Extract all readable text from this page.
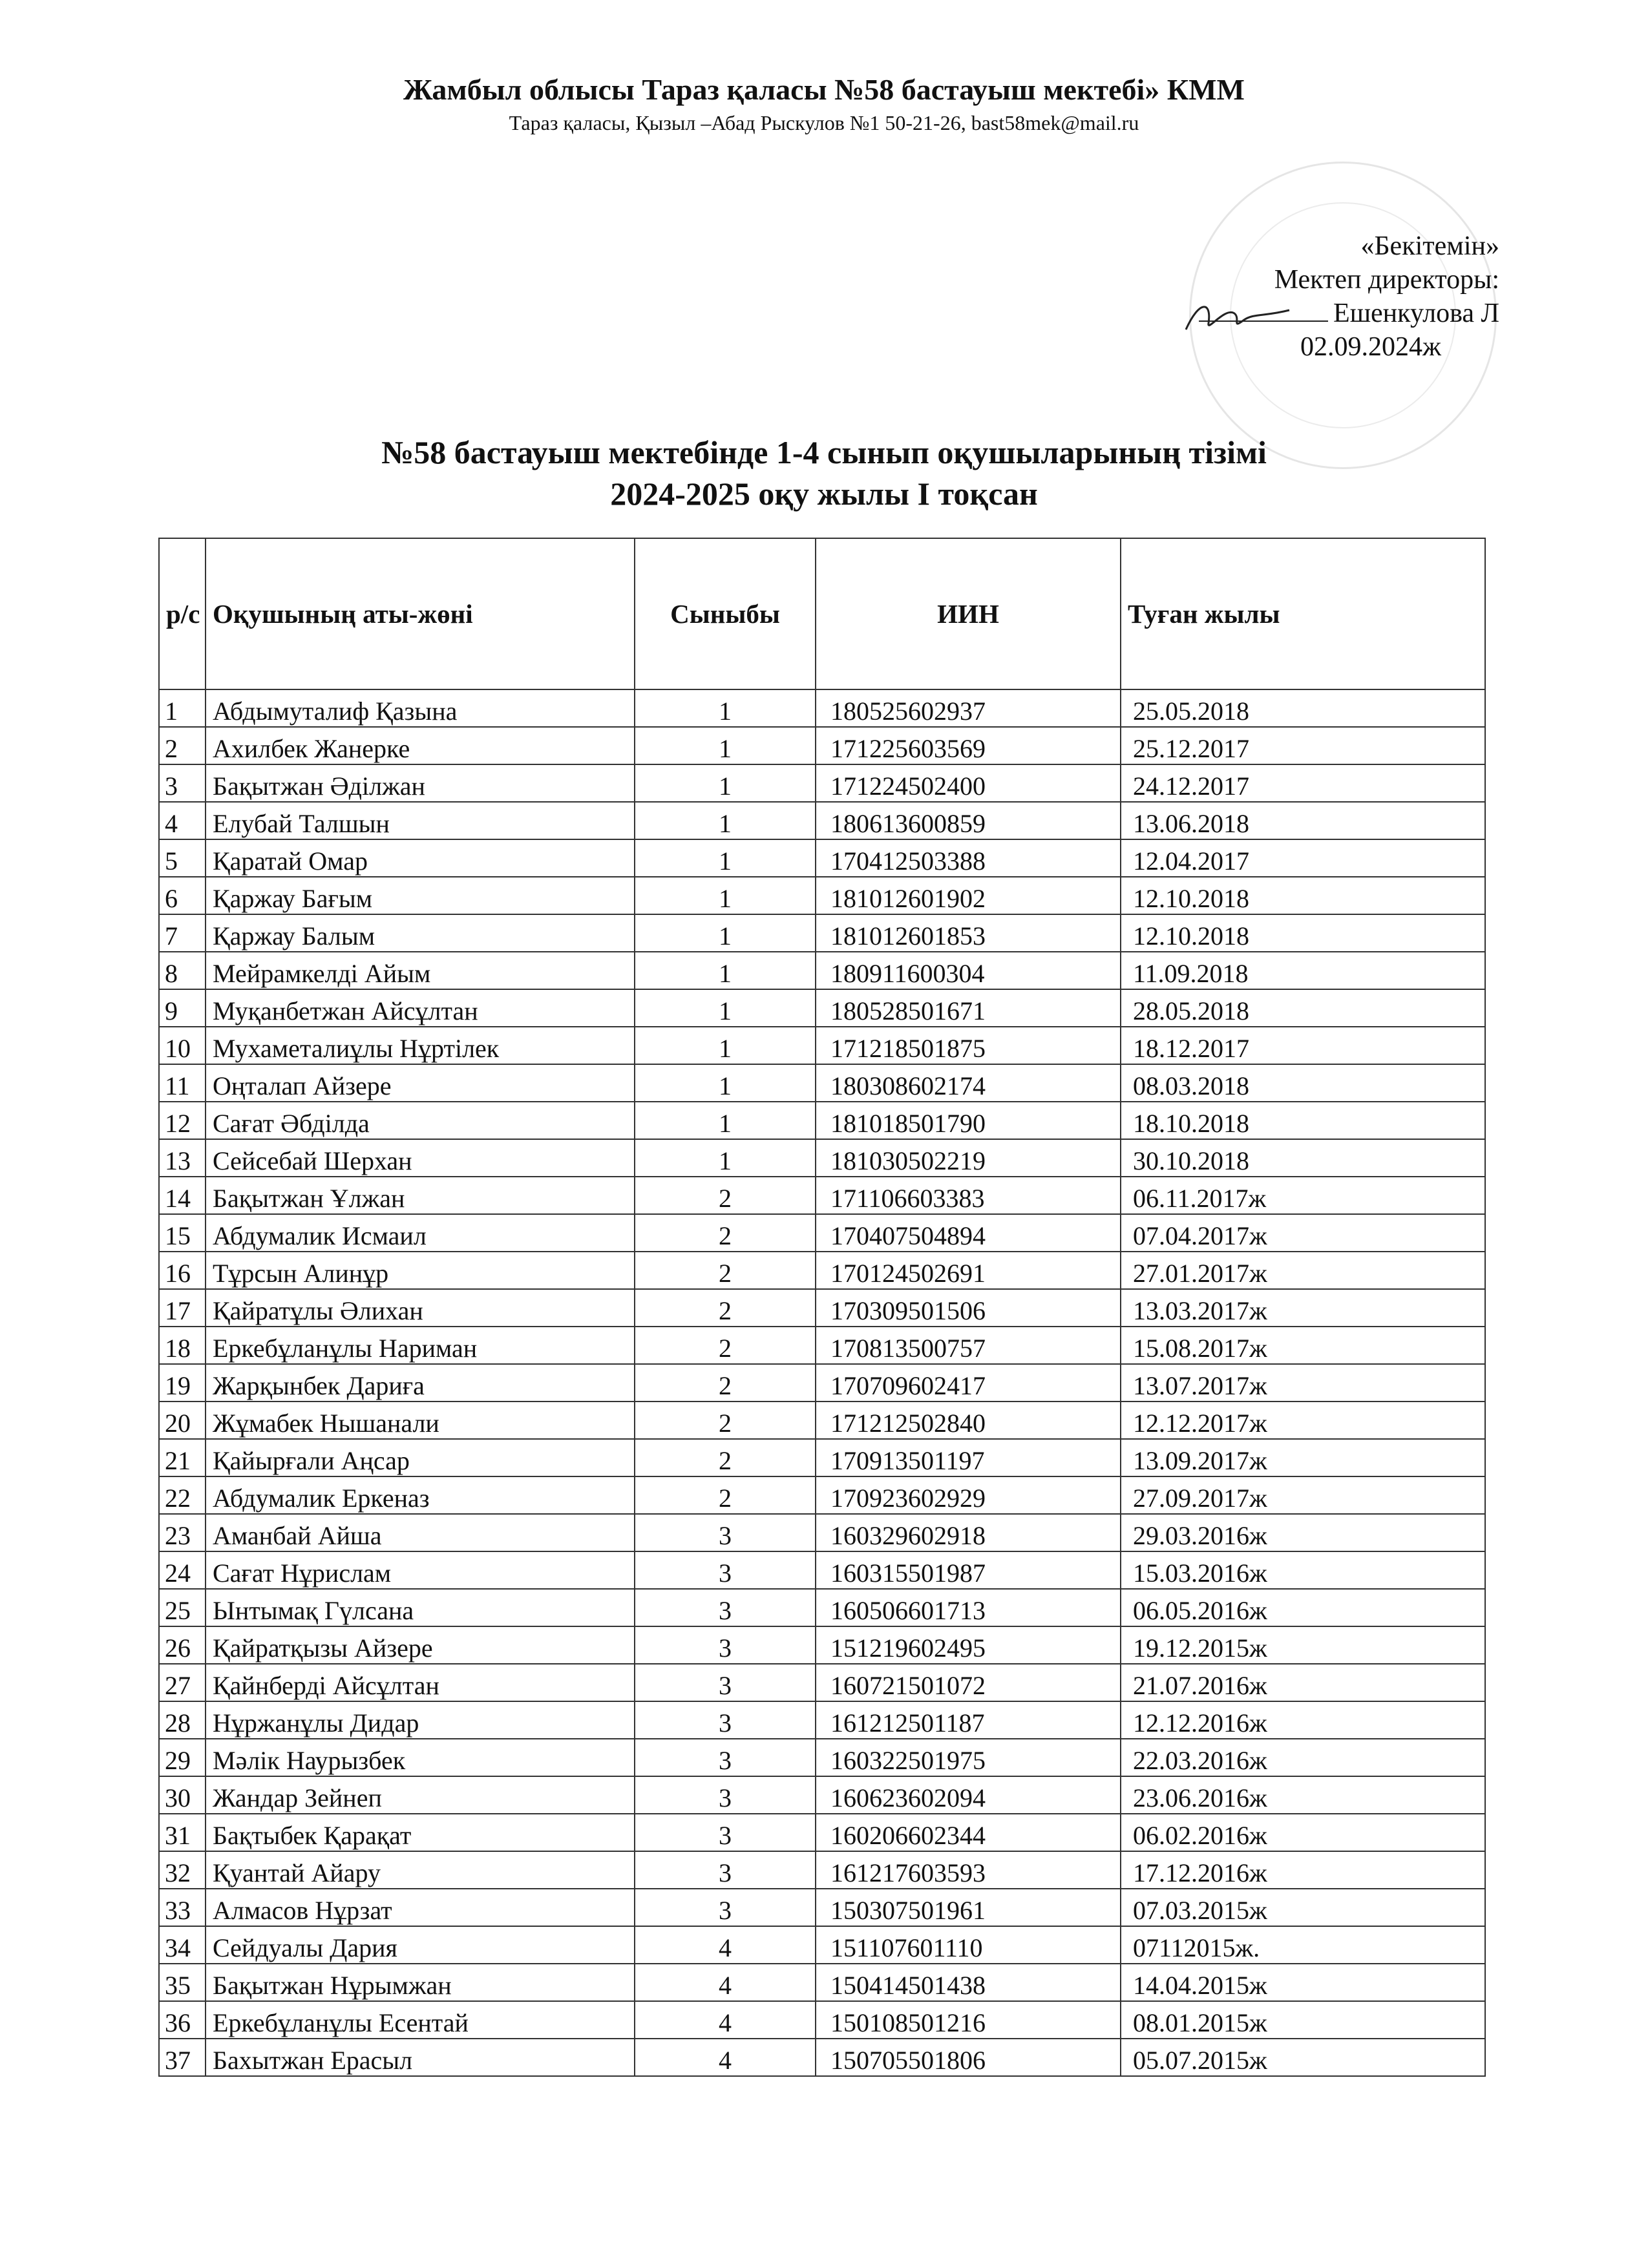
Жамбыл облысы Тараз қаласы №58 бастауыш мектебі» КММ
Тараз қаласы, Қызыл –Абад Рыскулов №1 50-21-26, bast58mek@mail.ru
«Бекітемін»
Мектеп директоры:
Ешенкулова Л
02.09.2024ж
№58 бастауыш мектебінде 1-4 сынып оқушыларының тізімі
2024-2025 оқу жылы І тоқсан
р/с	Оқушының аты-жөні	Сыныбы	ИИН	Туған жылы
1	Абдымуталиф Қазына	1	180525602937	25.05.2018
2	Ахилбек Жанерке	1	171225603569	25.12.2017
3	Бақытжан Әділжан	1	171224502400	24.12.2017
4	Елубай Талшын	1	180613600859	13.06.2018
5	Қаратай Омар	1	170412503388	12.04.2017
6	Қаржау Бағым	1	181012601902	12.10.2018
7	Қаржау Балым	1	181012601853	12.10.2018
8	Мейрамкелді Айым	1	180911600304	11.09.2018
9	Муқанбетжан Айсұлтан	1	180528501671	28.05.2018
10	Мухаметалиұлы Нұртілек	1	171218501875	18.12.2017
11	Оңталап Айзере	1	180308602174	08.03.2018
12	Сағат Әбділда	1	181018501790	18.10.2018
13	Сейсебай Шерхан	1	181030502219	30.10.2018
14	Бақытжан Ұлжан	2	171106603383	06.11.2017ж
15	Абдумалик Исмаил	2	170407504894	07.04.2017ж
16	Тұрсын Алинұр	2	170124502691	27.01.2017ж
17	Қайратұлы Әлихан	2	170309501506	13.03.2017ж
18	Еркебұланұлы Нариман	2	170813500757	15.08.2017ж
19	Жарқынбек Дариға	2	170709602417	13.07.2017ж
20	Жұмабек Нышанали	2	171212502840	12.12.2017ж
21	Қайырғали Аңсар	2	170913501197	13.09.2017ж
22	Абдумалик Еркеназ	2	170923602929	27.09.2017ж
23	Аманбай Айша	3	160329602918	29.03.2016ж
24	Сағат Нұрислам	3	160315501987	15.03.2016ж
25	Ынтымақ Гүлсана	3	160506601713	06.05.2016ж
26	Қайратқызы Айзере	3	151219602495	19.12.2015ж
27	Қайнберді Айсұлтан	3	160721501072	21.07.2016ж
28	Нұржанұлы Дидар	3	161212501187	12.12.2016ж
29	Мәлік Наурызбек	3	160322501975	22.03.2016ж
30	Жандар Зейнеп	3	160623602094	23.06.2016ж
31	Бақтыбек Қарақат	3	160206602344	06.02.2016ж
32	Қуантай Айару	3	161217603593	17.12.2016ж
33	Алмасов Нұрзат	3	150307501961	07.03.2015ж
34	Сейдуалы Дария	4	151107601110	07112015ж.
35	Бақытжан Нұрымжан	4	150414501438	14.04.2015ж
36	Еркебұланұлы Есентай	4	150108501216	08.01.2015ж
37	Бахытжан Ерасыл	4	150705501806	05.07.2015ж
